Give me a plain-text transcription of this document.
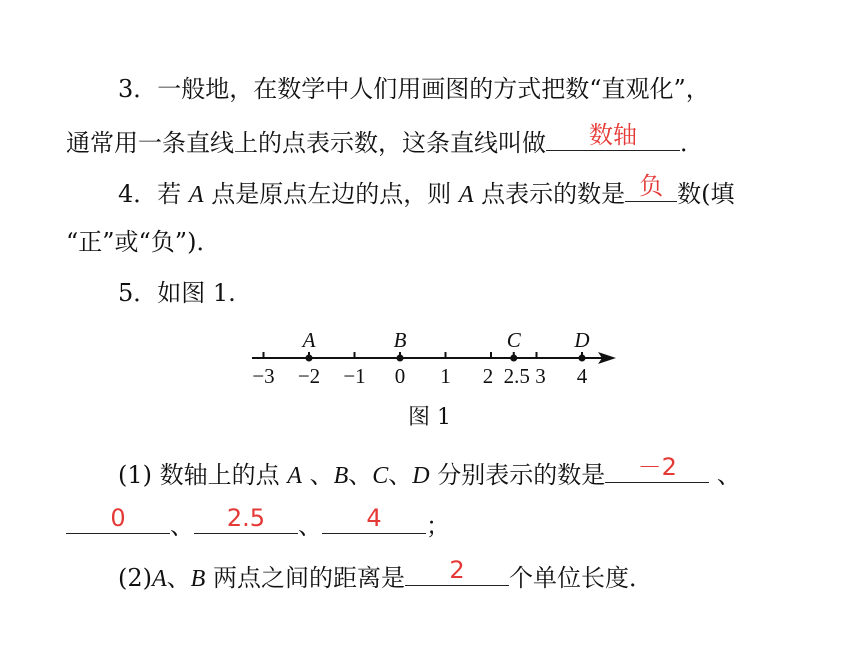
3．一般地，在数学中人们用画图的方式把数“直观化”，
通常用一条直线上的点表示数，这条直线叫做	数轴	．
4．若 A 点是原点左边的点，则 A 点表示的数是 负 数(填
“正”或“负”)．
5．如图 1.
−3 −2 −1 0 1 2 2.5 3 4
A	B	C	D
图 1
(1) 数轴上的点 A 、B、C、D 分别表示的数是	－2	、
0	、	2.5	、	4	；
(2)A、B 两点之间的距离是	2	个单位长度．
